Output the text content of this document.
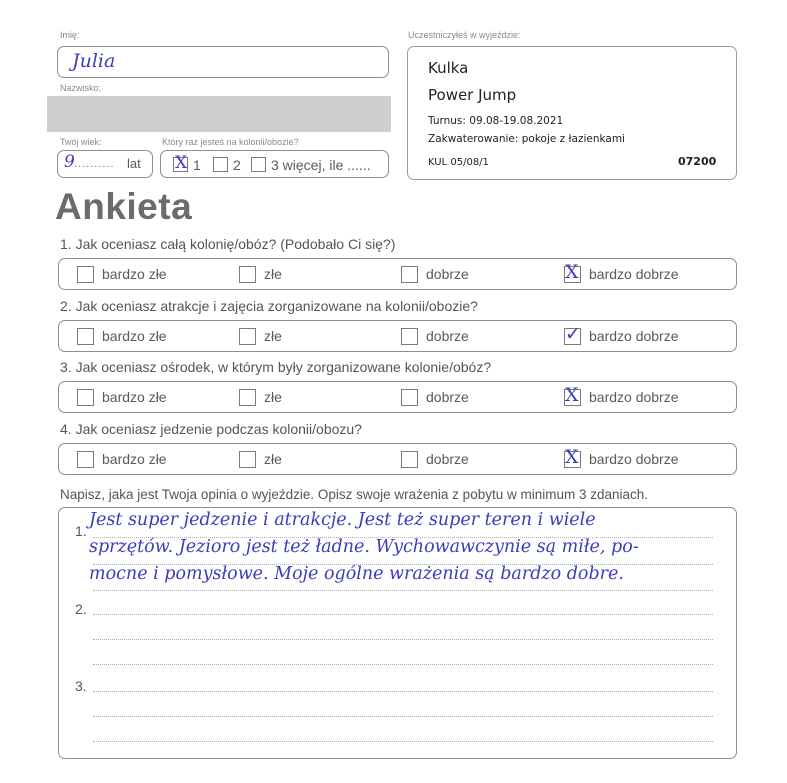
Imię:
Julia
Nazwisko:
Twój wiek:
9 .......... lat
Który raz jesteś na kolonii/obozie?
X 1 2 3 więcej, ile ......
Uczestniczyłeś w wyjeździe:
Kulka
Power Jump
Turnus: 09.08-19.08.2021
Zakwaterowanie: pokoje z łazienkami
KUL 05/08/1	07200
Ankieta
1. Jak oceniasz całą kolonię/obóz? (Podobało Ci się?)
bardzo złe	złe	dobrze	X bardzo dobrze
2. Jak oceniasz atrakcje i zajęcia zorganizowane na kolonii/obozie?
bardzo złe	złe	dobrze	✓ bardzo dobrze
3. Jak oceniasz ośrodek, w którym były zorganizowane kolonie/obóz?
bardzo złe	złe	dobrze	X bardzo dobrze
4. Jak oceniasz jedzenie podczas kolonii/obozu?
bardzo złe	złe	dobrze	X bardzo dobrze
Napisz, jaka jest Twoja opinia o wyjeździe. Opisz swoje wrażenia z pobytu w minimum 3 zdaniach.
1.
Jest super jedzenie i atrakcje. Jest też super teren i wiele
sprzętów. Jezioro jest też ładne. Wychowawczynie są miłe, po-
mocne i pomysłowe. Moje ogólne wrażenia są bardzo dobre.
2.
3.
